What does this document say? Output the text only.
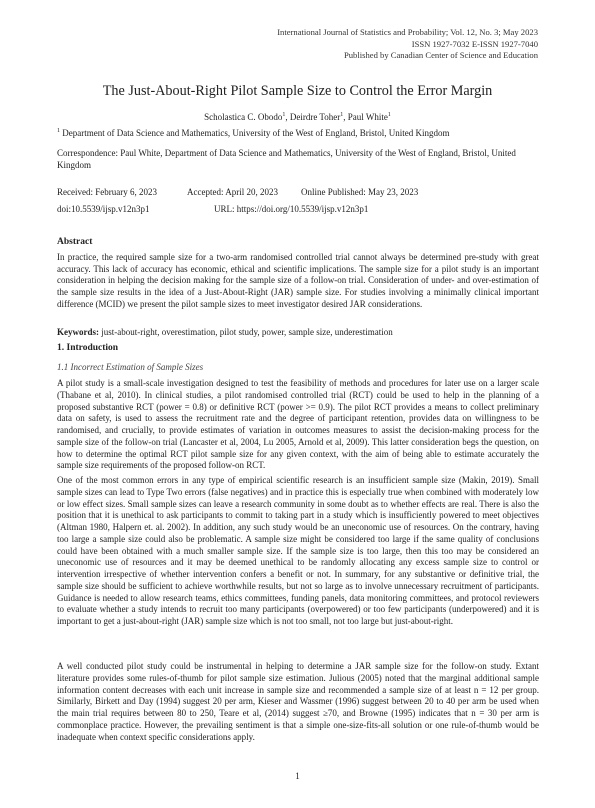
International Journal of Statistics and Probability; Vol. 12, No. 3; May 2023
ISSN 1927-7032 E-ISSN 1927-7040
Published by Canadian Center of Science and Education
The Just-About-Right Pilot Sample Size to Control the Error Margin
Scholastica C. Obodo$^1$, Deirdre Toher$^1$, Paul White$^1$
$^1$ Department of Data Science and Mathematics, University of the West of England, Bristol, United Kingdom
Correspondence: Paul White, Department of Data Science and Mathematics, University of the West of England, Bristol, United Kingdom
Received: February 6, 2023	Accepted: April 20, 2023	Online Published: May 23, 2023
doi:10.5539/ijsp.v12n3p1	URL: https://doi.org/10.5539/ijsp.v12n3p1
Abstract
In practice, the required sample size for a two-arm randomised controlled trial cannot always be determined pre-study with great accuracy. This lack of accuracy has economic, ethical and scientific implications. The sample size for a pilot study is an important consideration in helping the decision making for the sample size of a follow-on trial. Consideration of under- and over-estimation of the sample size results in the idea of a Just-About-Right (JAR) sample size. For studies involving a minimally clinical important difference (MCID) we present the pilot sample sizes to meet investigator desired JAR considerations.
Keywords: just-about-right, overestimation, pilot study, power, sample size, underestimation
1. Introduction
1.1 Incorrect Estimation of Sample Sizes
A pilot study is a small-scale investigation designed to test the feasibility of methods and procedures for later use on a larger scale (Thabane et al, 2010). In clinical studies, a pilot randomised controlled trial (RCT) could be used to help in the planning of a proposed substantive RCT (power = 0.8) or definitive RCT (power >= 0.9). The pilot RCT provides a means to collect preliminary data on safety, is used to assess the recruitment rate and the degree of participant retention, provides data on willingness to be randomised, and crucially, to provide estimates of variation in outcomes measures to assist the decision-making process for the sample size of the follow-on trial (Lancaster et al, 2004, Lu 2005, Arnold et al, 2009). This latter consideration begs the question, on how to determine the optimal RCT pilot sample size for any given context, with the aim of being able to estimate accurately the sample size requirements of the proposed follow-on RCT.
One of the most common errors in any type of empirical scientific research is an insufficient sample size (Makin, 2019). Small sample sizes can lead to Type Two errors (false negatives) and in practice this is especially true when combined with moderately low or low effect sizes. Small sample sizes can leave a research community in some doubt as to whether effects are real. There is also the position that it is unethical to ask participants to commit to taking part in a study which is insufficiently powered to meet objectives (Altman 1980, Halpern et. al. 2002). In addition, any such study would be an uneconomic use of resources. On the contrary, having too large a sample size could also be problematic. A sample size might be considered too large if the same quality of conclusions could have been obtained with a much smaller sample size. If the sample size is too large, then this too may be considered an uneconomic use of resources and it may be deemed unethical to be randomly allocating any excess sample size to control or intervention irrespective of whether intervention confers a benefit or not. In summary, for any substantive or definitive trial, the sample size should be sufficient to achieve worthwhile results, but not so large as to involve unnecessary recruitment of participants. Guidance is needed to allow research teams, ethics committees, funding panels, data monitoring committees, and protocol reviewers to evaluate whether a study intends to recruit too many participants (overpowered) or too few participants (underpowered) and it is important to get a just-about-right (JAR) sample size which is not too small, not too large but just-about-right.
A well conducted pilot study could be instrumental in helping to determine a JAR sample size for the follow-on study. Extant literature provides some rules-of-thumb for pilot sample size estimation. Julious (2005) noted that the marginal additional sample information content decreases with each unit increase in sample size and recommended a sample size of at least n = 12 per group. Similarly, Birkett and Day (1994) suggest 20 per arm, Kieser and Wassmer (1996) suggest between 20 to 40 per arm be used when the main trial requires between 80 to 250, Teare et al, (2014) suggest ≥70, and Browne (1995) indicates that n = 30 per arm is commonplace practice. However, the prevailing sentiment is that a simple one-size-fits-all solution or one rule-of-thumb would be inadequate when context specific considerations apply.
1
